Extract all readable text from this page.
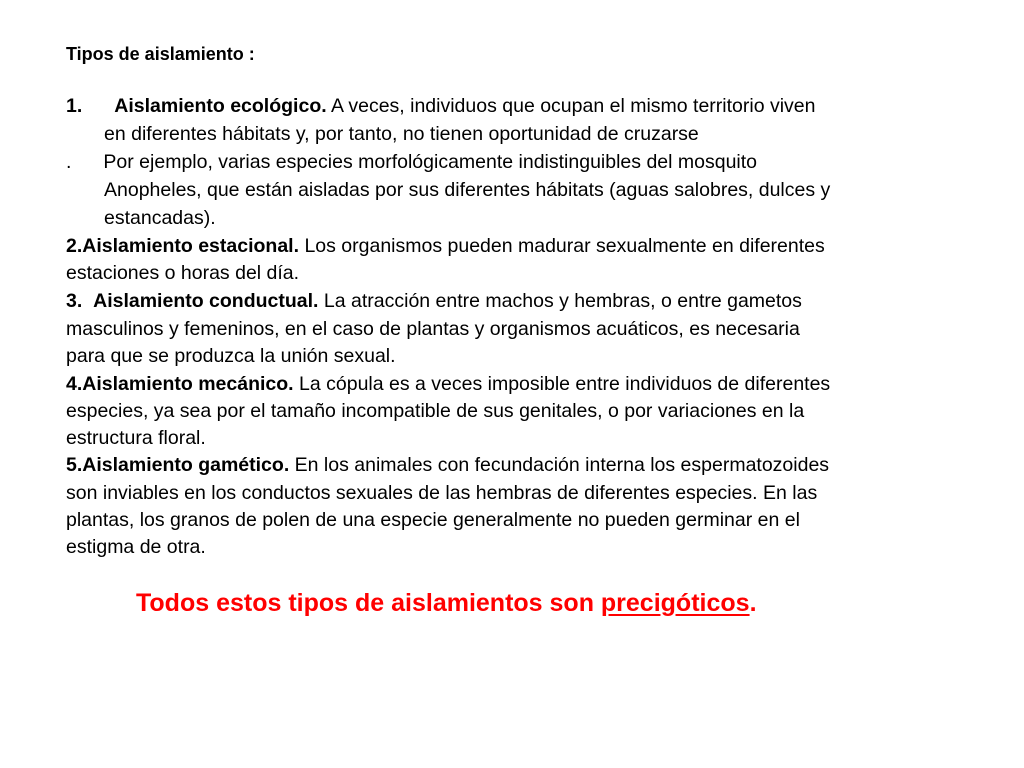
Tipos de aislamiento :
1. Aislamiento ecológico. A veces, individuos que ocupan el mismo territorio viven
en diferentes hábitats y, por tanto, no tienen oportunidad de cruzarse
. Por ejemplo, varias especies morfológicamente indistinguibles del mosquito
Anopheles, que están aisladas por sus diferentes hábitats (aguas salobres, dulces y
estancadas).
2.Aislamiento estacional. Los organismos pueden madurar sexualmente en diferentes
estaciones o horas del día.
3. Aislamiento conductual. La atracción entre machos y hembras, o entre gametos
masculinos y femeninos, en el caso de plantas y organismos acuáticos, es necesaria
para que se produzca la unión sexual.
4.Aislamiento mecánico. La cópula es a veces imposible entre individuos de diferentes
especies, ya sea por el tamaño incompatible de sus genitales, o por variaciones en la
estructura floral.
5.Aislamiento gamético. En los animales con fecundación interna los espermatozoides
son inviables en los conductos sexuales de las hembras de diferentes especies. En las
plantas, los granos de polen de una especie generalmente no pueden germinar en el
estigma de otra.
Todos estos tipos de aislamientos son precigóticos.
